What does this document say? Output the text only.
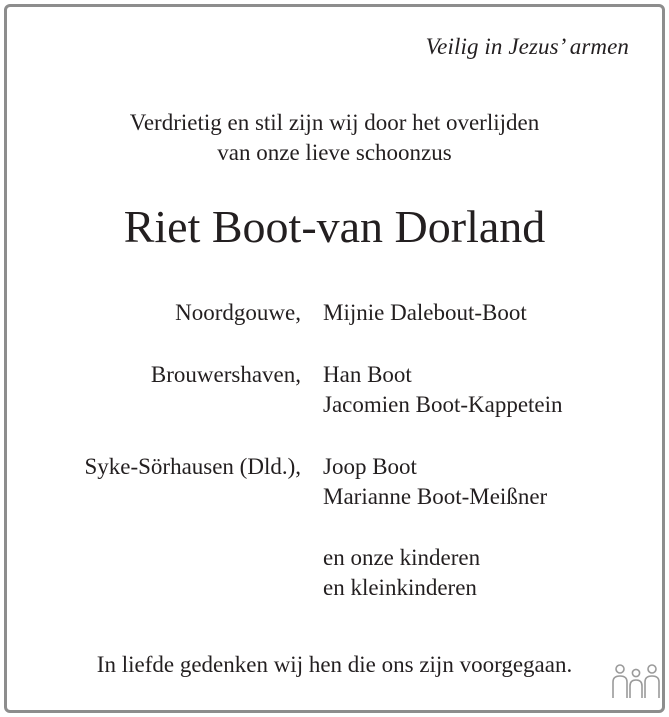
Veilig in Jezus’ armen
Verdrietig en stil zijn wij door het overlijden
van onze lieve schoonzus
Riet Boot-van Dorland
Noordgouwe, Mijnie Dalebout-Boot
Brouwershaven, Han Boot
Jacomien Boot-Kappetein
Syke-Sörhausen (Dld.), Joop Boot
Marianne Boot-Meißner
en onze kinderen
en kleinkinderen
In liefde gedenken wij hen die ons zijn voorgegaan.
